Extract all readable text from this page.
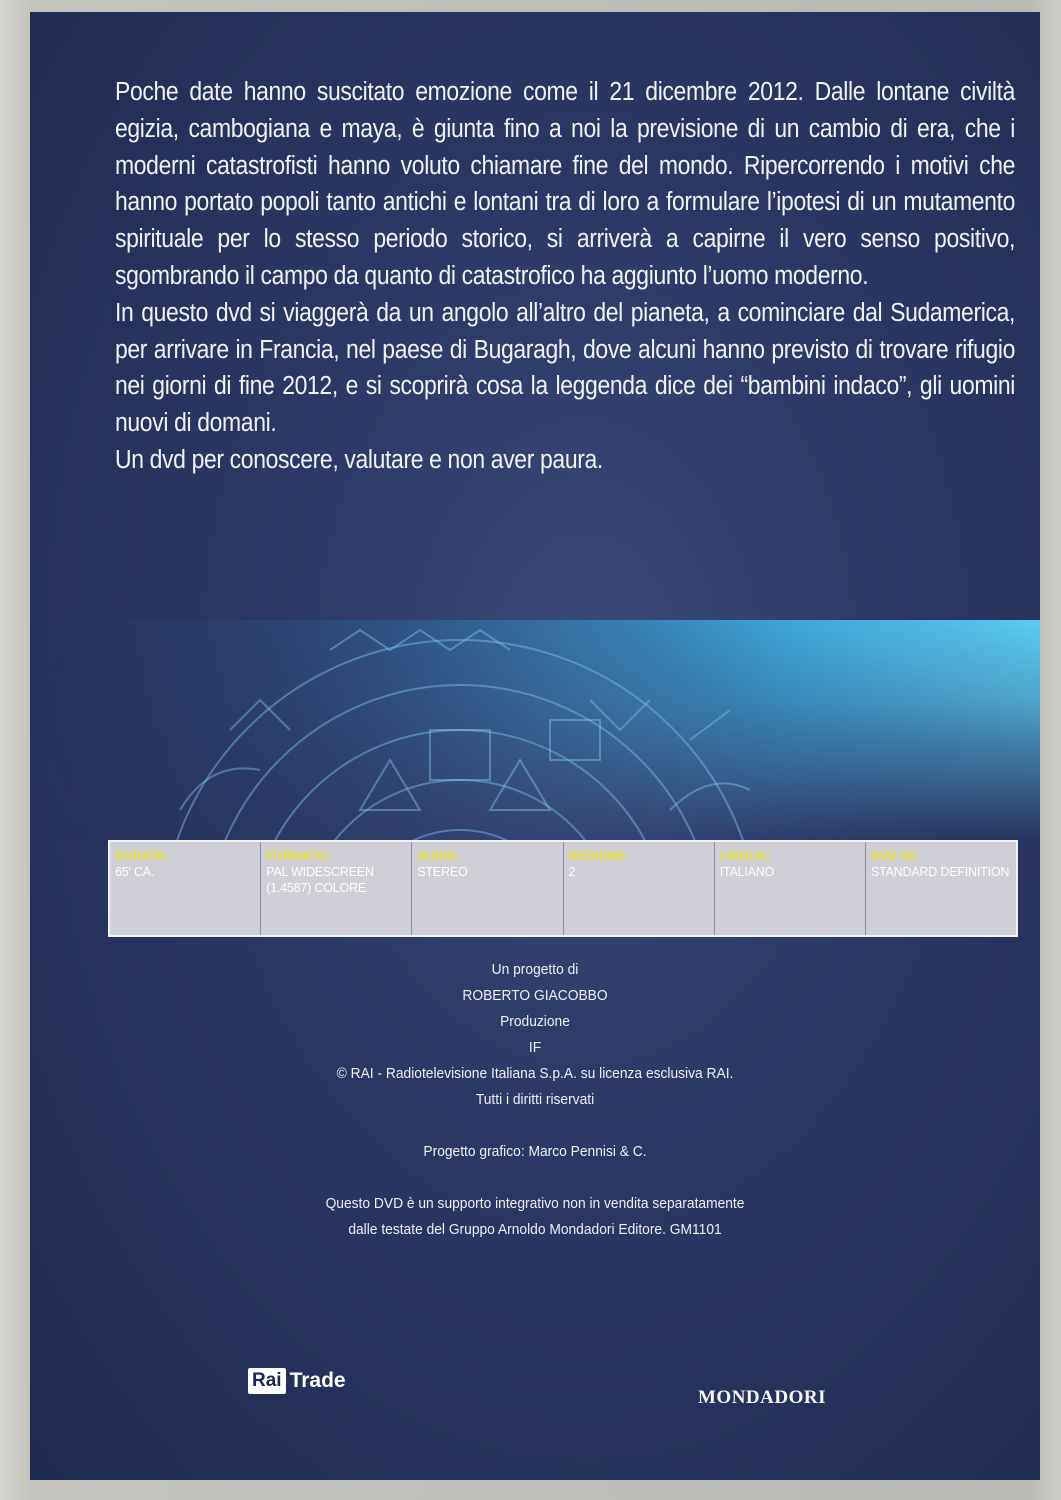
Poche date hanno suscitato emozione come il 21 dicembre 2012. Dalle lontane civiltà egizia, cambogiana e maya, è giunta fino a noi la previsione di un cambio di era, che i moderni catastrofisti hanno voluto chiamare fine del mondo. Ripercorrendo i motivi che hanno portato popoli tanto antichi e lontani tra di loro a formulare l’ipotesi di un mutamento spirituale per lo stesso periodo storico, si arriverà a capirne il vero senso positivo, sgombrando il campo da quanto di catastrofico ha aggiunto l’uomo moderno.

In questo dvd si viaggerà da un angolo all’altro del pianeta, a cominciare dal Sudamerica, per arrivare in Francia, nel paese di Bugaragh, dove alcuni hanno previsto di trovare rifugio nei giorni di fine 2012, e si scoprirà cosa la leggenda dice dei “bambini indaco”, gli uomini nuovi di domani.

Un dvd per conoscere, valutare e non aver paura.

DURATA:
65' CA.
FORMATO:
PAL WIDESCREEN (1.4587) COLORE
AUDIO:
STEREO
REGIONE:
2
LINGUA:
ITALIANO
DVD SD
STANDARD DEFINITION
Un progetto di
ROBERTO GIACOBBO
Produzione
IF
© RAI - Radiotelevisione Italiana S.p.A. su licenza esclusiva RAI.
Tutti i diritti riservati
Progetto grafico: Marco Pennisi & C.
Questo DVD è un supporto integrativo non in vendita separatamente
dalle testate del Gruppo Arnoldo Mondadori Editore. GM1101
Rai Trade
MONDADORI
